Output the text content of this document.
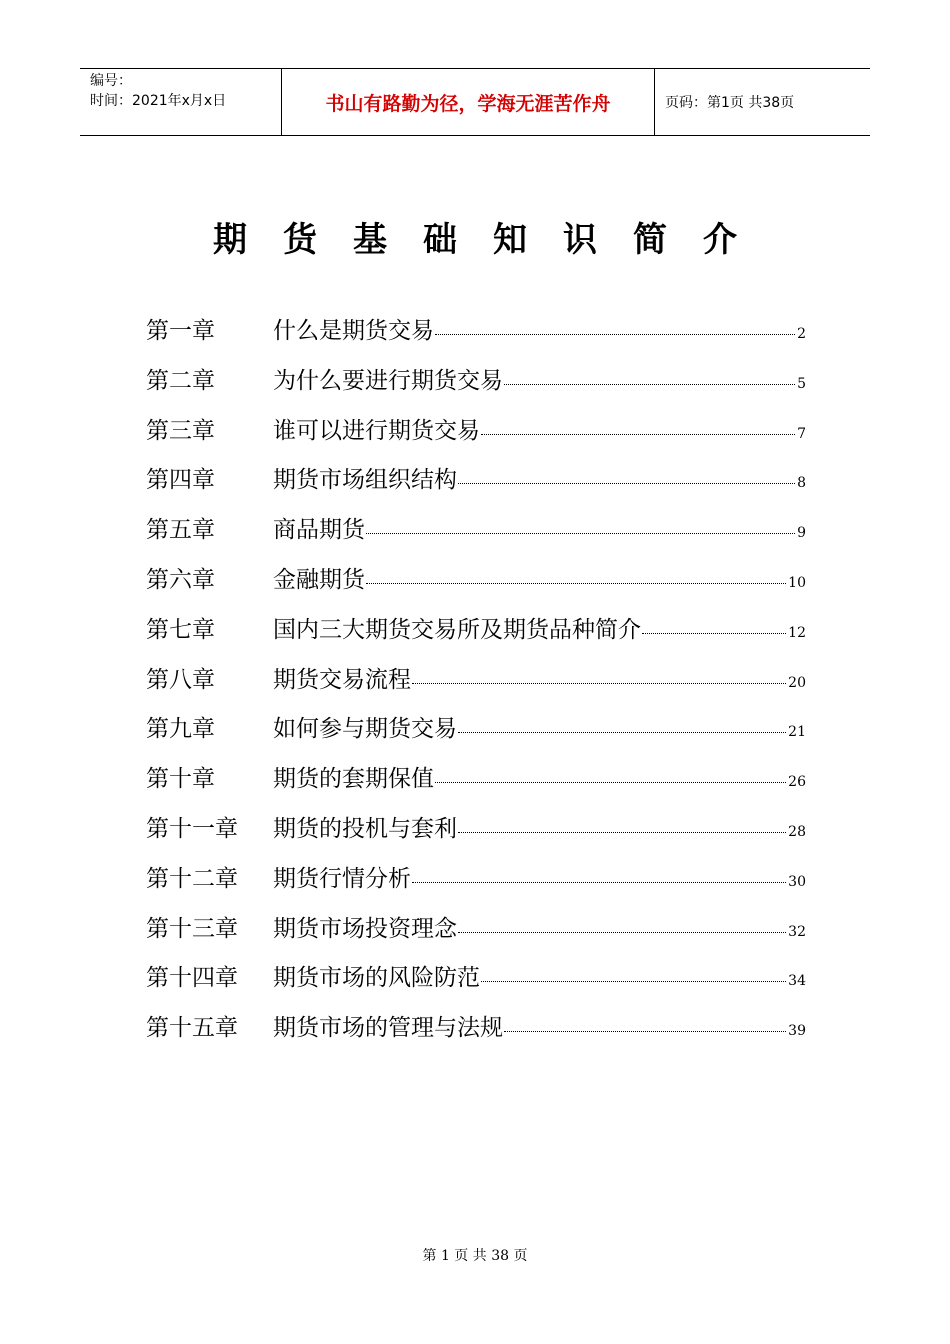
编号：
时间：2021年x月x日	书山有路勤为径，学海无涯苦作舟	页码：第1页 共38页
期货基础知识简介
第一章	什么是期货交易	2
第二章	为什么要进行期货交易	5
第三章	谁可以进行期货交易	7
第四章	期货市场组织结构	8
第五章	商品期货	9
第六章	金融期货	10
第七章	国内三大期货交易所及期货品种简介	12
第八章	期货交易流程	20
第九章	如何参与期货交易	21
第十章	期货的套期保值	26
第十一章	期货的投机与套利	28
第十二章	期货行情分析	30
第十三章	期货市场投资理念	32
第十四章	期货市场的风险防范	34
第十五章	期货市场的管理与法规	39
第 1 页 共 38 页
